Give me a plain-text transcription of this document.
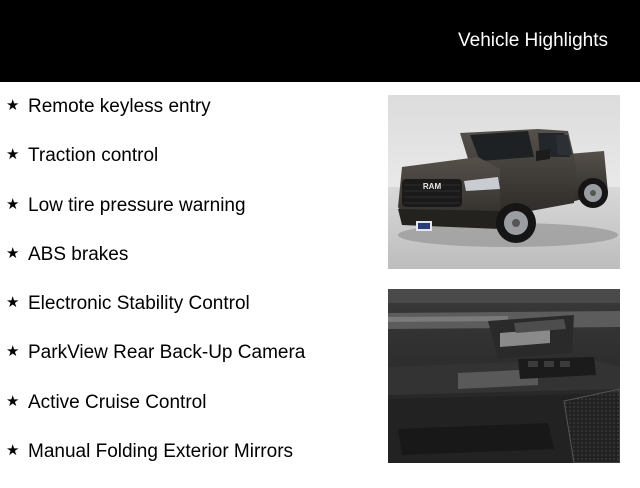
Vehicle Highlights
★ Remote keyless entry
★ Traction control
★ Low tire pressure warning
★ ABS brakes
★ Electronic Stability Control
★ ParkView Rear Back-Up Camera
★ Active Cruise Control
★ Manual Folding Exterior Mirrors
RAM
